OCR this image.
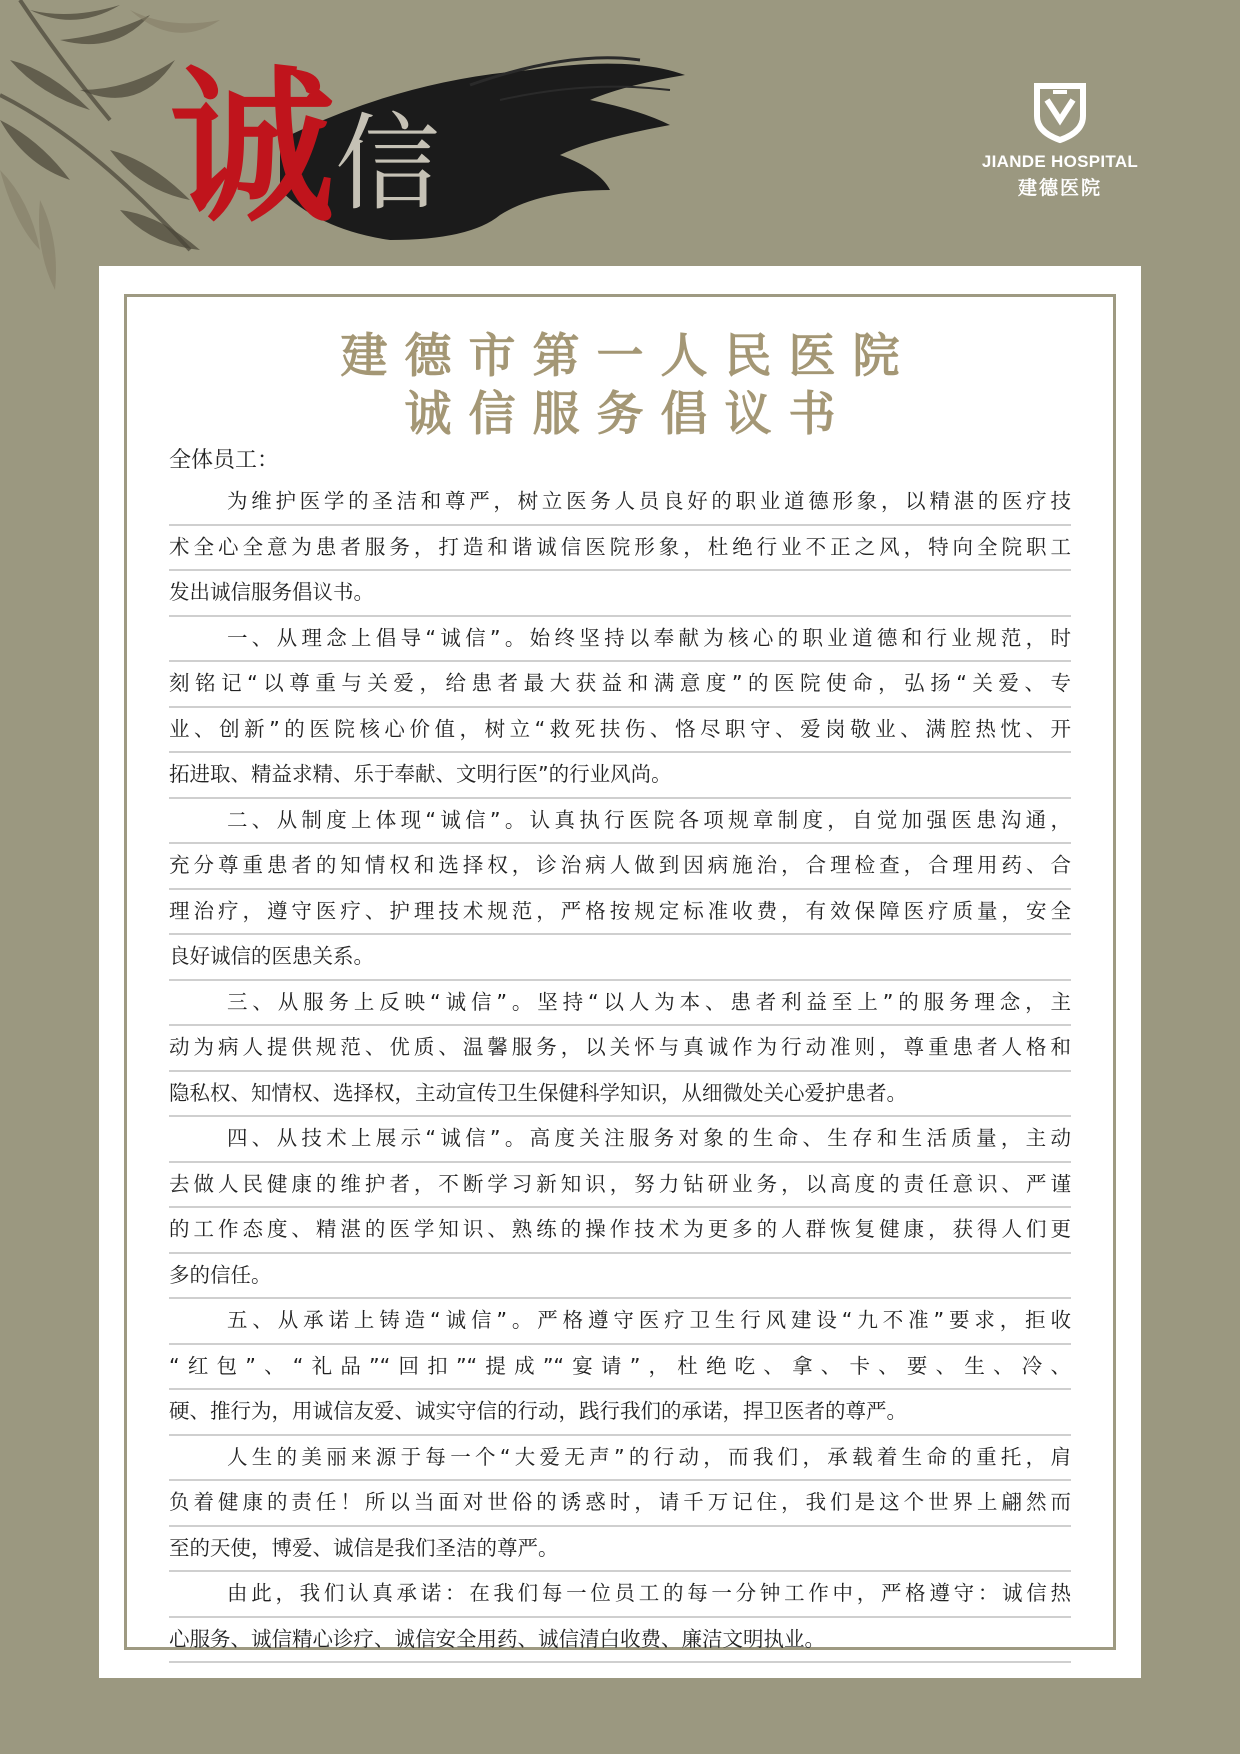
诚 信	JIANDE HOSPITAL
建德医院
建德市第一人民医院
诚信服务倡议书
全体员工：
为维护医学的圣洁和尊严，树立医务人员良好的职业道德形象，以精湛的医疗技
术全心全意为患者服务，打造和谐诚信医院形象，杜绝行业不正之风，特向全院职工
发出诚信服务倡议书。
一、从理念上倡导“诚信”。始终坚持以奉献为核心的职业道德和行业规范，时
刻铭记“以尊重与关爱，给患者最大获益和满意度”的医院使命，弘扬“关爱、专
业、创新”的医院核心价值，树立“救死扶伤、恪尽职守、爱岗敬业、满腔热忱、开
拓进取、精益求精、乐于奉献、文明行医”的行业风尚。
二、从制度上体现“诚信”。认真执行医院各项规章制度，自觉加强医患沟通，
充分尊重患者的知情权和选择权，诊治病人做到因病施治，合理检查，合理用药、合
理治疗，遵守医疗、护理技术规范，严格按规定标准收费，有效保障医疗质量，安全
良好诚信的医患关系。
三、从服务上反映“诚信”。坚持“以人为本、患者利益至上”的服务理念，主
动为病人提供规范、优质、温馨服务，以关怀与真诚作为行动准则，尊重患者人格和
隐私权、知情权、选择权，主动宣传卫生保健科学知识，从细微处关心爱护患者。
四、从技术上展示“诚信”。高度关注服务对象的生命、生存和生活质量，主动
去做人民健康的维护者，不断学习新知识，努力钻研业务，以高度的责任意识、严谨
的工作态度、精湛的医学知识、熟练的操作技术为更多的人群恢复健康，获得人们更
多的信任。
五、从承诺上铸造“诚信”。严格遵守医疗卫生行风建设“九不准”要求，拒收
“红包”、“礼品”“回扣”“提成”“宴请”，杜绝吃、拿、卡、要、生、冷、
硬、推行为，用诚信友爱、诚实守信的行动，践行我们的承诺，捍卫医者的尊严。
人生的美丽来源于每一个“大爱无声”的行动，而我们，承载着生命的重托，肩
负着健康的责任！所以当面对世俗的诱惑时，请千万记住，我们是这个世界上翩然而
至的天使，博爱、诚信是我们圣洁的尊严。
由此，我们认真承诺：在我们每一位员工的每一分钟工作中，严格遵守：诚信热
心服务、诚信精心诊疗、诚信安全用药、诚信清白收费、廉洁文明执业。
